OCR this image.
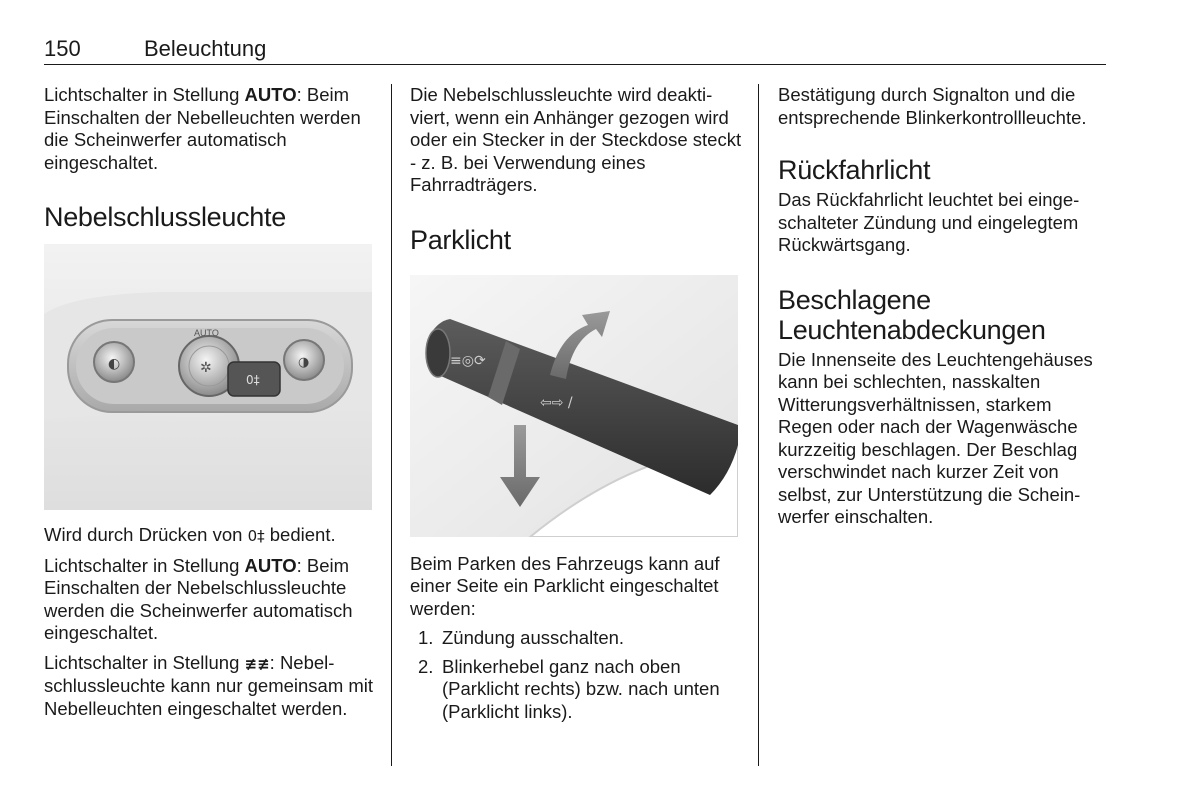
150	Beleuchtung

Lichtschalter in Stellung AUTO: Beim Einschalten der Nebelleuchten werden die Scheinwerfer automatisch eingeschaltet.

Nebelschlussleuchte
◐	✲
AUTO
0‡
◑

Wird durch Drücken von 0‡ bedient.

Lichtschalter in Stellung AUTO: Beim Einschalten der Nebelschlussleuchte werden die Scheinwerfer automatisch eingeschaltet.

Lichtschalter in Stellung ≢≢: Nebelschlussleuchte kann nur gemeinsam mit Nebelleuchten eingeschaltet werden.

Die Nebelschlussleuchte wird deaktiviert, wenn ein Anhänger gezogen wird oder ein Stecker in der Steckdose steckt - z. B. bei Verwendung eines Fahrradträgers.

Parklicht
≡◎⟳
⇦⇨ /

Beim Parken des Fahrzeugs kann auf einer Seite ein Parklicht eingeschaltet werden:

1. Zündung ausschalten.
2. Blinkerhebel ganz nach oben (Parklicht rechts) bzw. nach unten (Parklicht links).

Bestätigung durch Signalton und die entsprechende Blinkerkontrollleuchte.

Rückfahrlicht

Das Rückfahrlicht leuchtet bei eingeschalteter Zündung und eingelegtem Rückwärtsgang.

Beschlagene
Leuchtenabdeckungen

Die Innenseite des Leuchtengehäuses kann bei schlechten, nasskalten Witterungsverhältnissen, starkem Regen oder nach der Wagenwäsche kurzzeitig beschlagen. Der Beschlag verschwindet nach kurzer Zeit von selbst, zur Unterstützung die Scheinwerfer einschalten.
